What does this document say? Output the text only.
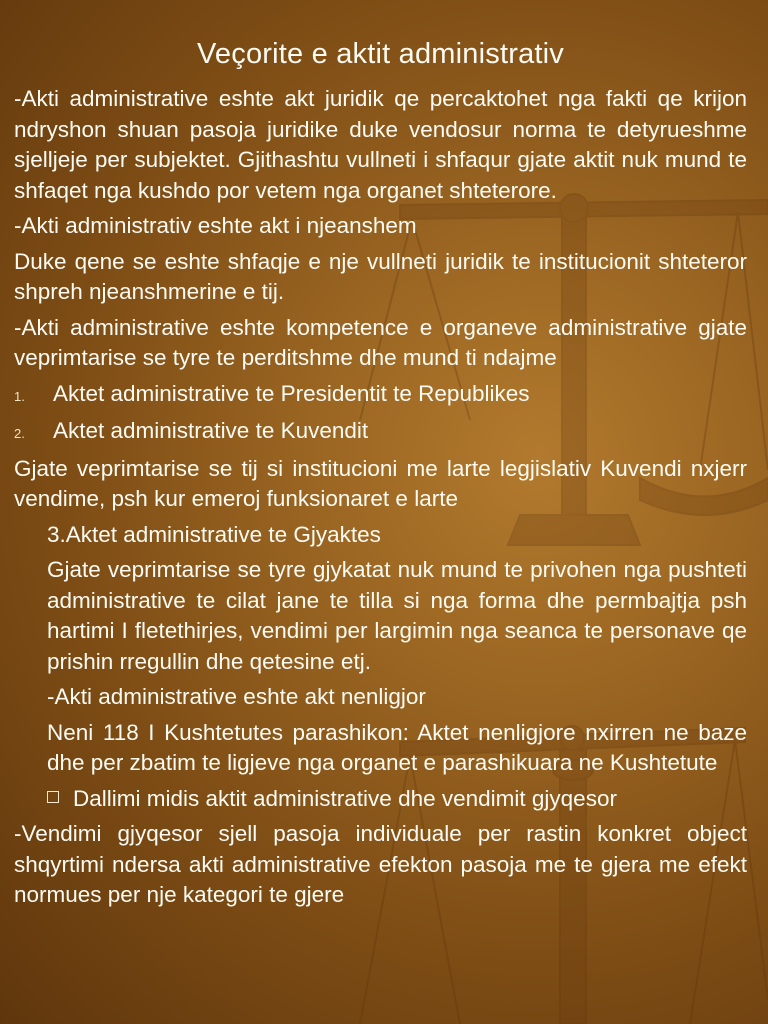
Veçorite e aktit administrativ
-Akti administrative eshte akt juridik qe percaktohet nga fakti qe krijon ndryshon shuan pasoja juridike duke vendosur norma te detyrueshme sjelljeje per subjektet. Gjithashtu vullneti i shfaqur gjate aktit nuk mund te shfaqet nga kushdo por vetem nga organet shteterore.
-Akti administrativ eshte akt i njeanshem
Duke qene se eshte shfaqje e nje vullneti juridik te institucionit shteteror shpreh njeanshmerine e tij.
-Akti administrative eshte kompetence e organeve administrative gjate veprimtarise se tyre te perditshme dhe mund ti ndajme
1.	Aktet administrative te Presidentit te Republikes
2.	Aktet administrative te Kuvendit
Gjate veprimtarise se tij si institucioni me larte legjislativ Kuvendi nxjerr vendime, psh kur emeroj funksionaret e larte
3.Aktet administrative te Gjyaktes
Gjate veprimtarise se tyre gjykatat nuk mund te privohen nga pushteti administrative te cilat jane te tilla si nga forma dhe permbajtja psh hartimi I fletethirjes, vendimi per largimin nga seanca te personave qe prishin rregullin dhe qetesine etj.
-Akti administrative eshte akt nenligjor
Neni 118 I Kushtetutes parashikon: Aktet nenligjore nxirren ne baze dhe per zbatim te ligjeve nga organet e parashikuara ne Kushtetute
Dallimi midis aktit administrative dhe vendimit gjyqesor
-Vendimi gjyqesor sjell pasoja individuale per rastin konkret object shqyrtimi ndersa akti administrative efekton pasoja me te gjera me efekt normues per nje kategori te gjere
